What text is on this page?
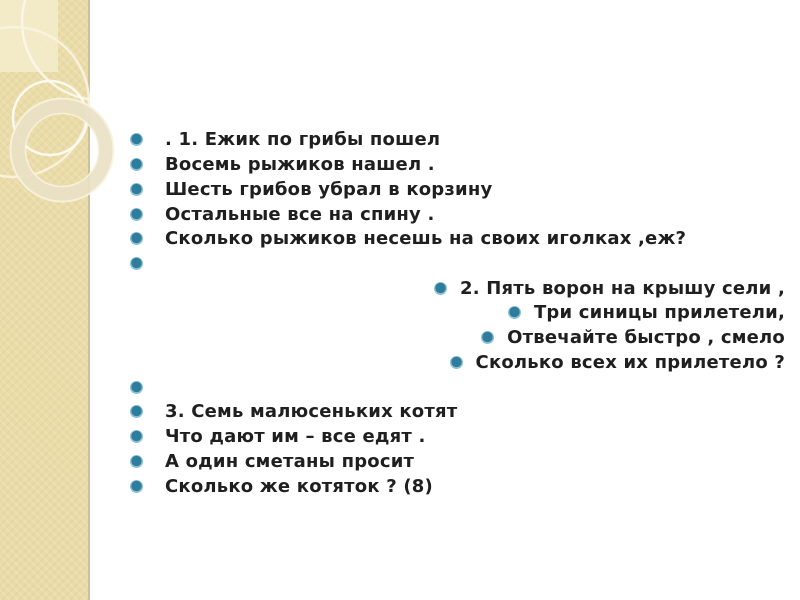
. 1. Ежик по грибы пошел
Восемь рыжиков нашел .
Шесть грибов убрал в корзину
Остальные все на спину .
Сколько рыжиков несешь на своих иголках ,еж?
2. Пять ворон на крышу сели ,
Три синицы прилетели,
Отвечайте быстро , смело
Сколько всех их прилетело ?
3. Семь малюсеньких котят
Что дают им – все едят .
А один сметаны просит
Сколько же котяток ? (8)
